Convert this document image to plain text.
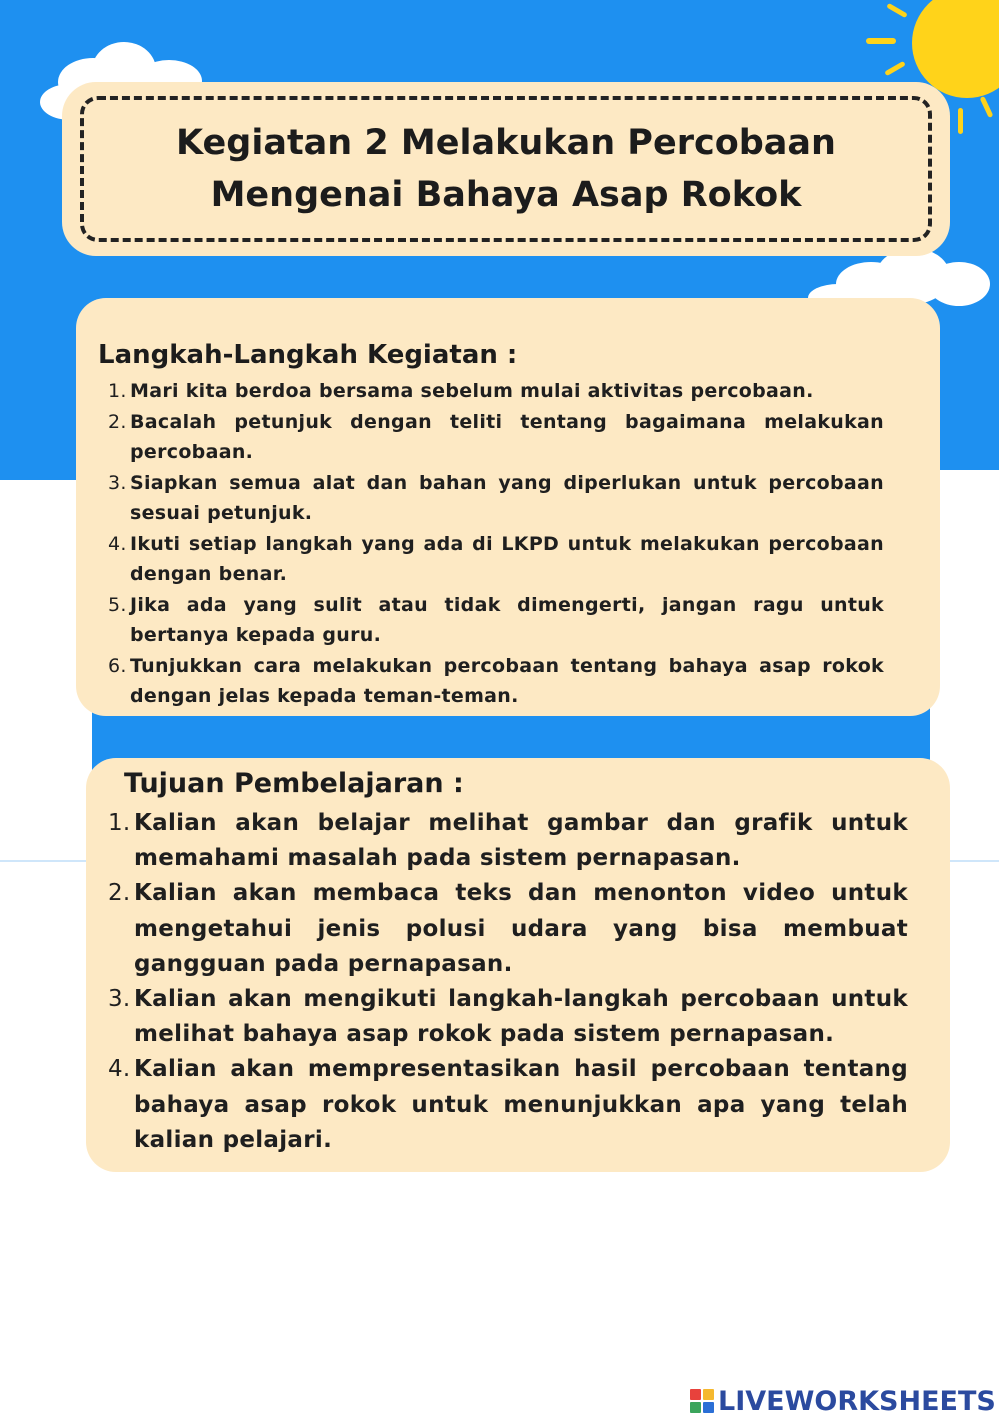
Kegiatan 2 Melakukan Percobaan Mengenai Bahaya Asap Rokok
Langkah-Langkah Kegiatan :
1. Mari kita berdoa bersama sebelum mulai aktivitas percobaan.
2. Bacalah petunjuk dengan teliti tentang bagaimana melakukan percobaan.
3. Siapkan semua alat dan bahan yang diperlukan untuk percobaan sesuai petunjuk.
4. Ikuti setiap langkah yang ada di LKPD untuk melakukan percobaan dengan benar.
5. Jika ada yang sulit atau tidak dimengerti, jangan ragu untuk bertanya kepada guru.
6. Tunjukkan cara melakukan percobaan tentang bahaya asap rokok dengan jelas kepada teman-teman.
Tujuan Pembelajaran :
1. Kalian akan belajar melihat gambar dan grafik untuk memahami masalah pada sistem pernapasan.
2. Kalian akan membaca teks dan menonton video untuk mengetahui jenis polusi udara yang bisa membuat gangguan pada pernapasan.
3. Kalian akan mengikuti langkah-langkah percobaan untuk melihat bahaya asap rokok pada sistem pernapasan.
4. Kalian akan mempresentasikan hasil percobaan tentang bahaya asap rokok untuk menunjukkan apa yang telah kalian pelajari.
LIVEWORKSHEETS
